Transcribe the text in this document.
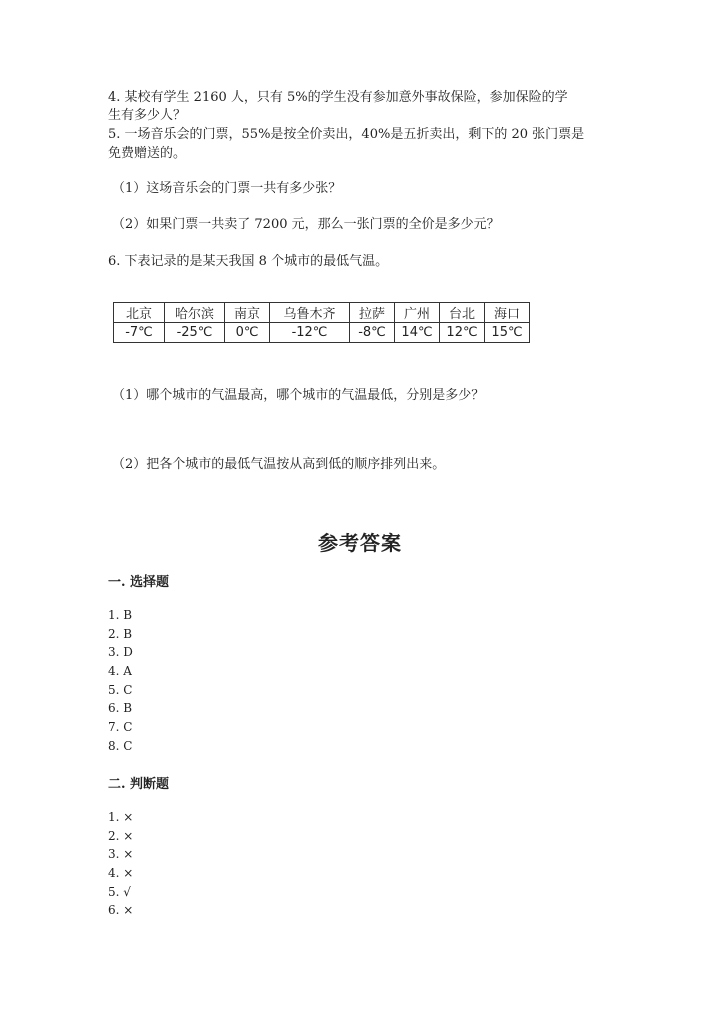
4. 某校有学生 2160 人，只有 5%的学生没有参加意外事故保险，参加保险的学
生有多少人？
5. 一场音乐会的门票，55%是按全价卖出，40%是五折卖出，剩下的 20 张门票是
免费赠送的。
（1）这场音乐会的门票一共有多少张？
（2）如果门票一共卖了 7200 元，那么一张门票的全价是多少元？
6. 下表记录的是某天我国 8 个城市的最低气温。
北京	哈尔滨	南京	乌鲁木齐	拉萨	广州	台北	海口
-7℃	-25℃	0℃	-12℃	-8℃	14℃	12℃	15℃
（1）哪个城市的气温最高，哪个城市的气温最低，分别是多少？
（2）把各个城市的最低气温按从高到低的顺序排列出来。
参考答案
一. 选择题
1. B
2. B
3. D
4. A
5. C
6. B
7. C
8. C
二. 判断题
1. ×
2. ×
3. ×
4. ×
5. √
6. ×
